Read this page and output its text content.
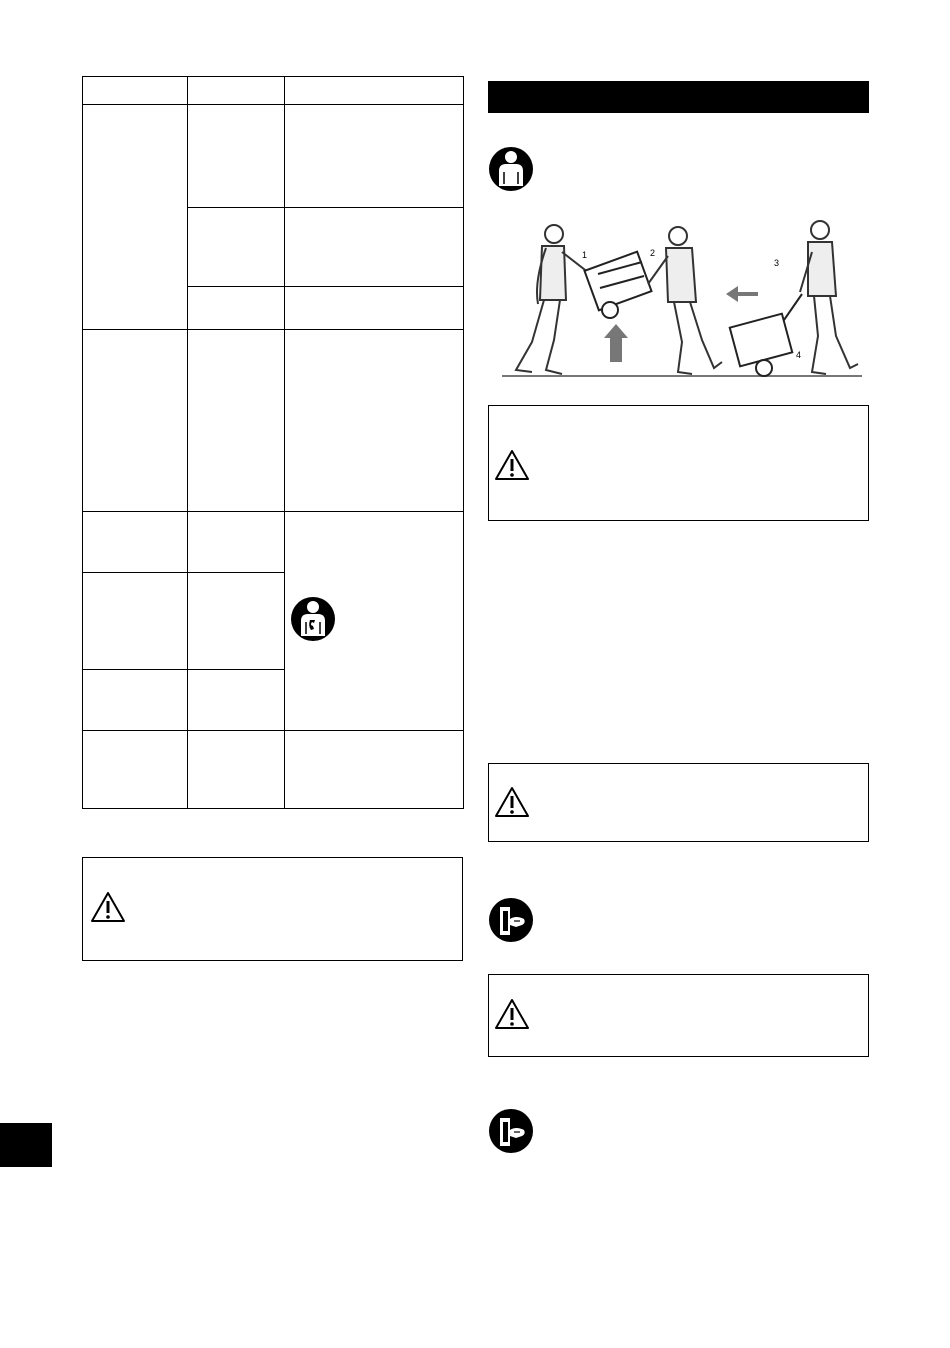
1	2
3
4
